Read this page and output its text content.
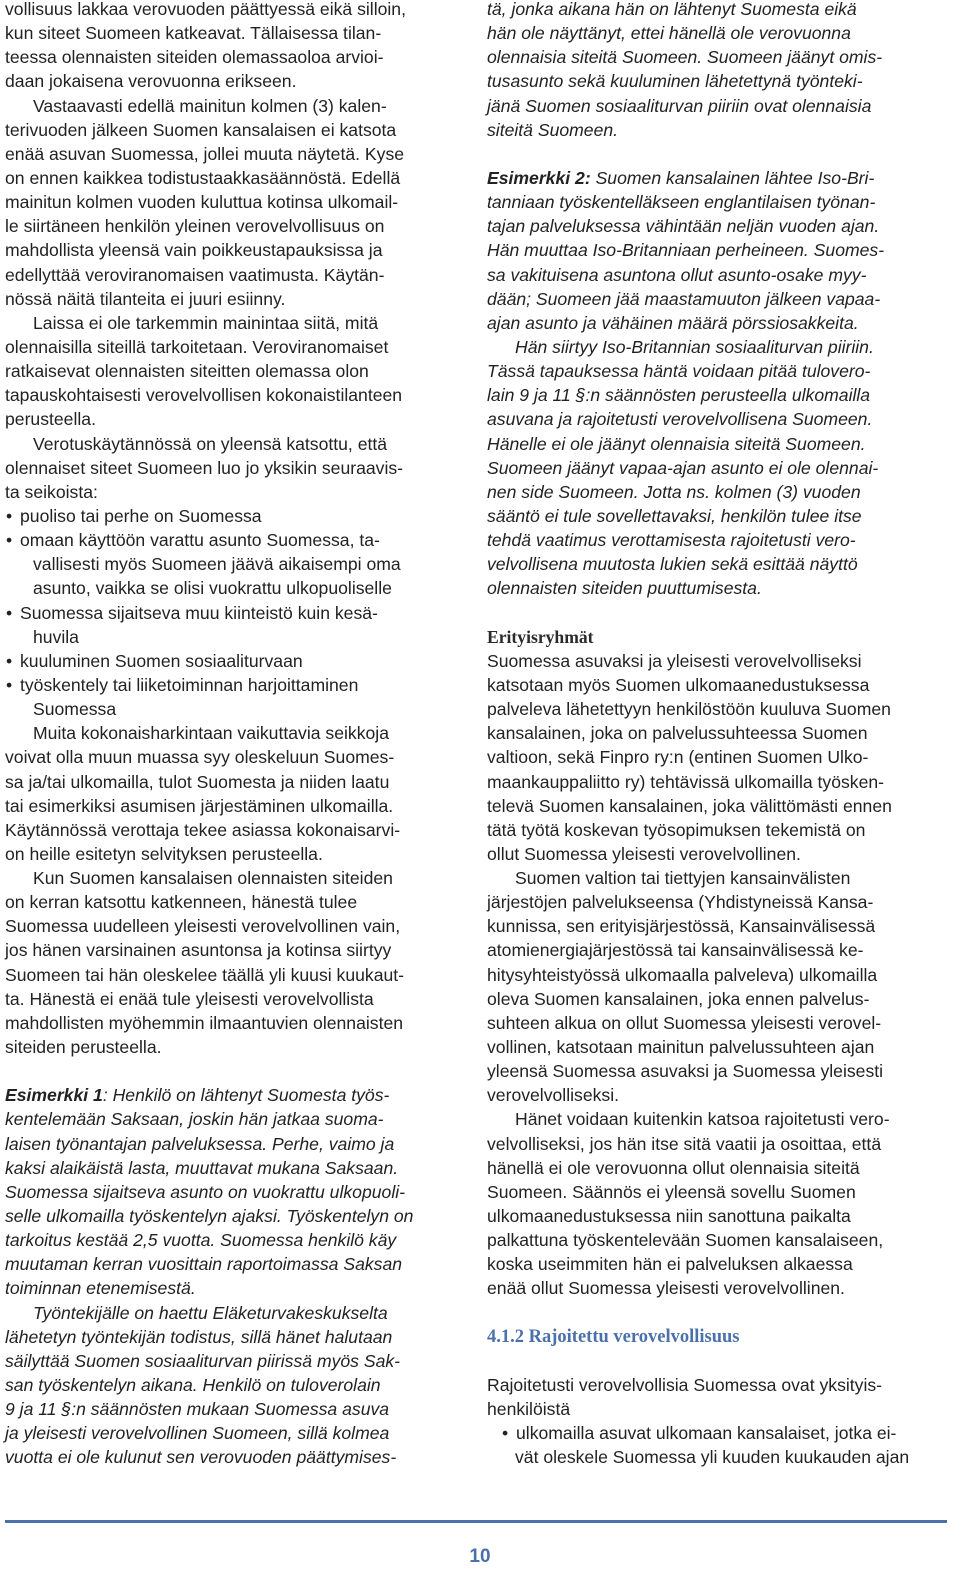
vollisuus lakkaa verovuoden päättyessä eikä silloin,
kun siteet Suomeen katkeavat. Tällaisessa tilan-
teessa olennaisten siteiden olemassaoloa arvioi-
daan jokaisena verovuonna erikseen.
Vastaavasti edellä mainitun kolmen (3) kalen-
terivuoden jälkeen Suomen kansalaisen ei katsota
enää asuvan Suomessa, jollei muuta näytetä. Kyse
on ennen kaikkea todistustaakkasäännöstä. Edellä
mainitun kolmen vuoden kuluttua kotinsa ulkomail-
le siirtäneen henkilön yleinen verovelvollisuus on
mahdollista yleensä vain poikkeustapauksissa ja
edellyttää veroviranomaisen vaatimusta. Käytän-
nössä näitä tilanteita ei juuri esiinny.
Laissa ei ole tarkemmin mainintaa siitä, mitä
olennaisilla siteillä tarkoitetaan. Veroviranomaiset
ratkaisevat olennaisten siteitten olemassa olon
tapauskohtaisesti verovelvollisen kokonaistilanteen
perusteella.
Verotuskäytännössä on yleensä katsottu, että
olennaiset siteet Suomeen luo jo yksikin seuraavis-
ta seikoista:
• puoliso tai perhe on Suomessa
• omaan käyttöön varattu asunto Suomessa, ta-
vallisesti myös Suomeen jäävä aikaisempi oma
asunto, vaikka se olisi vuokrattu ulkopuoliselle
• Suomessa sijaitseva muu kiinteistö kuin kesä-
huvila
• kuuluminen Suomen sosiaaliturvaan
• työskentely tai liiketoiminnan harjoittaminen
Suomessa
Muita kokonaisharkintaan vaikuttavia seikkoja
voivat olla muun muassa syy oleskeluun Suomes-
sa ja/tai ulkomailla, tulot Suomesta ja niiden laatu
tai esimerkiksi asumisen järjestäminen ulkomailla.
Käytännössä verottaja tekee asiassa kokonaisarvi-
on heille esitetyn selvityksen perusteella.
Kun Suomen kansalaisen olennaisten siteiden
on kerran katsottu katkenneen, hänestä tulee
Suomessa uudelleen yleisesti verovelvollinen vain,
jos hänen varsinainen asuntonsa ja kotinsa siirtyy
Suomeen tai hän oleskelee täällä yli kuusi kuukaut-
ta. Hänestä ei enää tule yleisesti verovelvollista
mahdollisten myöhemmin ilmaantuvien olennaisten
siteiden perusteella.
Esimerkki 1: Henkilö on lähtenyt Suomesta työs-
kentelemään Saksaan, joskin hän jatkaa suoma-
laisen työnantajan palveluksessa. Perhe, vaimo ja
kaksi alaikäistä lasta, muuttavat mukana Saksaan.
Suomessa sijaitseva asunto on vuokrattu ulkopuoli-
selle ulkomailla työskentelyn ajaksi. Työskentelyn on
tarkoitus kestää 2,5 vuotta. Suomessa henkilö käy
muutaman kerran vuosittain raportoimassa Saksan
toiminnan etenemisestä.
Työntekijälle on haettu Eläketurvakeskukselta
lähetetyn työntekijän todistus, sillä hänet halutaan
säilyttää Suomen sosiaaliturvan piirissä myös Sak-
san työskentelyn aikana. Henkilö on tuloverolain
9 ja 11 §:n säännösten mukaan Suomessa asuva
ja yleisesti verovelvollinen Suomeen, sillä kolmea
vuotta ei ole kulunut sen verovuoden päättymises-
tä, jonka aikana hän on lähtenyt Suomesta eikä
hän ole näyttänyt, ettei hänellä ole verovuonna
olennaisia siteitä Suomeen. Suomeen jäänyt omis-
tusasunto sekä kuuluminen lähetettynä työnteki-
jänä Suomen sosiaaliturvan piiriin ovat olennaisia
siteitä Suomeen.
Esimerkki 2: Suomen kansalainen lähtee Iso-Bri-
tanniaan työskentelläkseen englantilaisen työnan-
tajan palveluksessa vähintään neljän vuoden ajan.
Hän muuttaa Iso-Britanniaan perheineen. Suomes-
sa vakituisena asuntona ollut asunto-osake myy-
dään; Suomeen jää maastamuuton jälkeen vapaa-
ajan asunto ja vähäinen määrä pörssiosakkeita.
Hän siirtyy Iso-Britannian sosiaaliturvan piiriin.
Tässä tapauksessa häntä voidaan pitää tulovero-
lain 9 ja 11 §:n säännösten perusteella ulkomailla
asuvana ja rajoitetusti verovelvollisena Suomeen.
Hänelle ei ole jäänyt olennaisia siteitä Suomeen.
Suomeen jäänyt vapaa-ajan asunto ei ole olennai-
nen side Suomeen. Jotta ns. kolmen (3) vuoden
sääntö ei tule sovellettavaksi, henkilön tulee itse
tehdä vaatimus verottamisesta rajoitetusti vero-
velvollisena muutosta lukien sekä esittää näyttö
olennaisten siteiden puuttumisesta.
Erityisryhmät
Suomessa asuvaksi ja yleisesti verovelvolliseksi
katsotaan myös Suomen ulkomaanedustuksessa
palveleva lähetettyyn henkilöstöön kuuluva Suomen
kansalainen, joka on palvelussuhteessa Suomen
valtioon, sekä Finpro ry:n (entinen Suomen Ulko-
maankauppaliitto ry) tehtävissä ulkomailla työsken-
televä Suomen kansalainen, joka välittömästi ennen
tätä työtä koskevan työsopimuksen tekemistä on
ollut Suomessa yleisesti verovelvollinen.
Suomen valtion tai tiettyjen kansainvälisten
järjestöjen palvelukseensa (Yhdistyneissä Kansa-
kunnissa, sen erityisjärjestössä, Kansainvälisessä
atomienergiajärjestössä tai kansainvälisessä ke-
hitysyhteistyössä ulkomaalla palveleva) ulkomailla
oleva Suomen kansalainen, joka ennen palvelus-
suhteen alkua on ollut Suomessa yleisesti verovel-
vollinen, katsotaan mainitun palvelussuhteen ajan
yleensä Suomessa asuvaksi ja Suomessa yleisesti
verovelvolliseksi.
Hänet voidaan kuitenkin katsoa rajoitetusti vero-
velvolliseksi, jos hän itse sitä vaatii ja osoittaa, että
hänellä ei ole verovuonna ollut olennaisia siteitä
Suomeen. Säännös ei yleensä sovellu Suomen
ulkomaanedustuksessa niin sanottuna paikalta
palkattuna työskentelevään Suomen kansalaiseen,
koska useimmiten hän ei palveluksen alkaessa
enää ollut Suomessa yleisesti verovelvollinen.
4.1.2 Rajoitettu verovelvollisuus
Rajoitetusti verovelvollisia Suomessa ovat yksityis-
henkilöistä
• ulkomailla asuvat ulkomaan kansalaiset, jotka ei-
vät oleskele Suomessa yli kuuden kuukauden ajan
10
